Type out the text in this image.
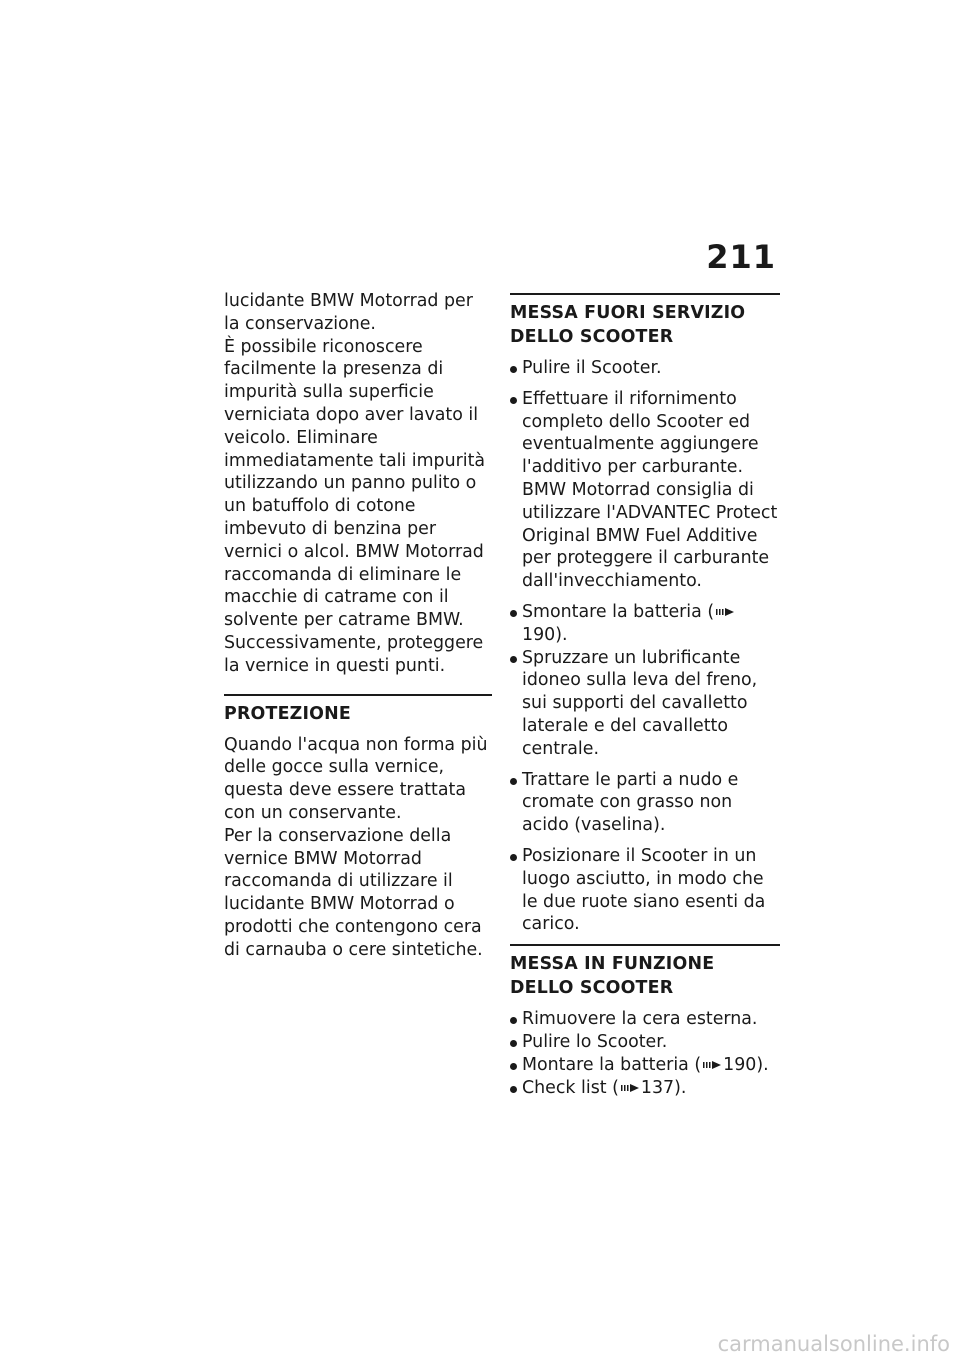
211

lucidante BMW Motorrad per la conservazione.

È possibile riconoscere facilmente la presenza di impurità sulla superficie verniciata dopo aver lavato il veicolo. Eliminare immediatamente tali impurità utilizzando un panno pulito o un batuffolo di cotone imbevuto di benzina per vernici o alcol. BMW Motorrad raccomanda di eliminare le macchie di catrame con il solvente per catrame BMW. Successivamente, proteggere la vernice in questi punti.

PROTEZIONE

Quando l'acqua non forma più delle gocce sulla vernice, questa deve essere trattata con un conservante.

Per la conservazione della vernice BMW Motorrad raccomanda di utilizzare il lucidante BMW Motorrad o prodotti che contengono cera di carnauba o cere sintetiche.

MESSA FUORI SERVIZIO DELLO SCOOTER
Pulire il Scooter.
Effettuare il rifornimento completo dello Scooter ed eventualmente aggiungere l'additivo per carburante. BMW Motorrad consiglia di utilizzare l'ADVANTEC Protect Original BMW Fuel Additive per proteggere il carburante dall'invecchiamento.
Smontare la batteria (190).
Spruzzare un lubrificante idoneo sulla leva del freno, sui supporti del cavalletto laterale e del cavalletto centrale.
Trattare le parti a nudo e cromate con grasso non acido (vaselina).
Posizionare il Scooter in un luogo asciutto, in modo che le due ruote siano esenti da carico.
MESSA IN FUNZIONE DELLO SCOOTER
Rimuovere la cera esterna.
Pulire lo Scooter.
Montare la batteria ( 190).
Check list ( 137).
carmanualsonline.info
